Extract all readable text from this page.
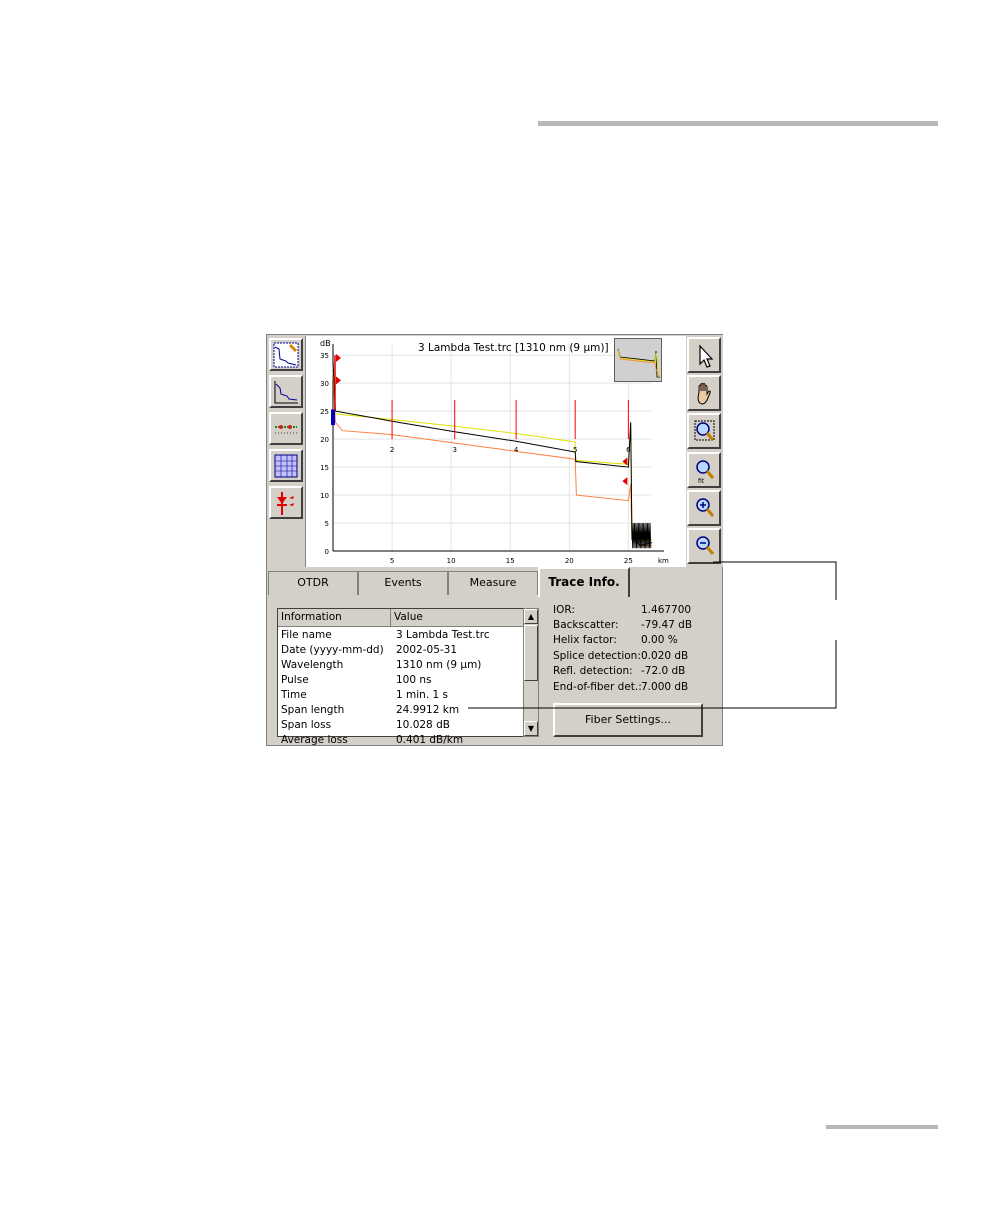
35
30
25
20
15
10
5
0
5	10	15	20	25	km
2	3	4	5	6
3 Lambda Test.trc [1310 nm (9 µm)]
dB
fit
OTDR	Events	Measure	Trace Info.
Information	Value
File name	3 Lambda Test.trc
Date (yyyy-mm-dd) 2002-05-31
Wavelength	1310 nm (9 µm)
Pulse	100 ns
Time	1 min. 1 s
Span length	24.9912 km
Span loss	10.028 dB
Average loss	0.401 dB/km
▲
▼
IOR:	1.467700
Backscatter: -79.47 dB
Helix factor: 0.00 %
Splice detection: 0.020 dB
Refl. detection: -72.0 dB
End-of-fiber det.: 7.000 dB
Fiber Settings...
